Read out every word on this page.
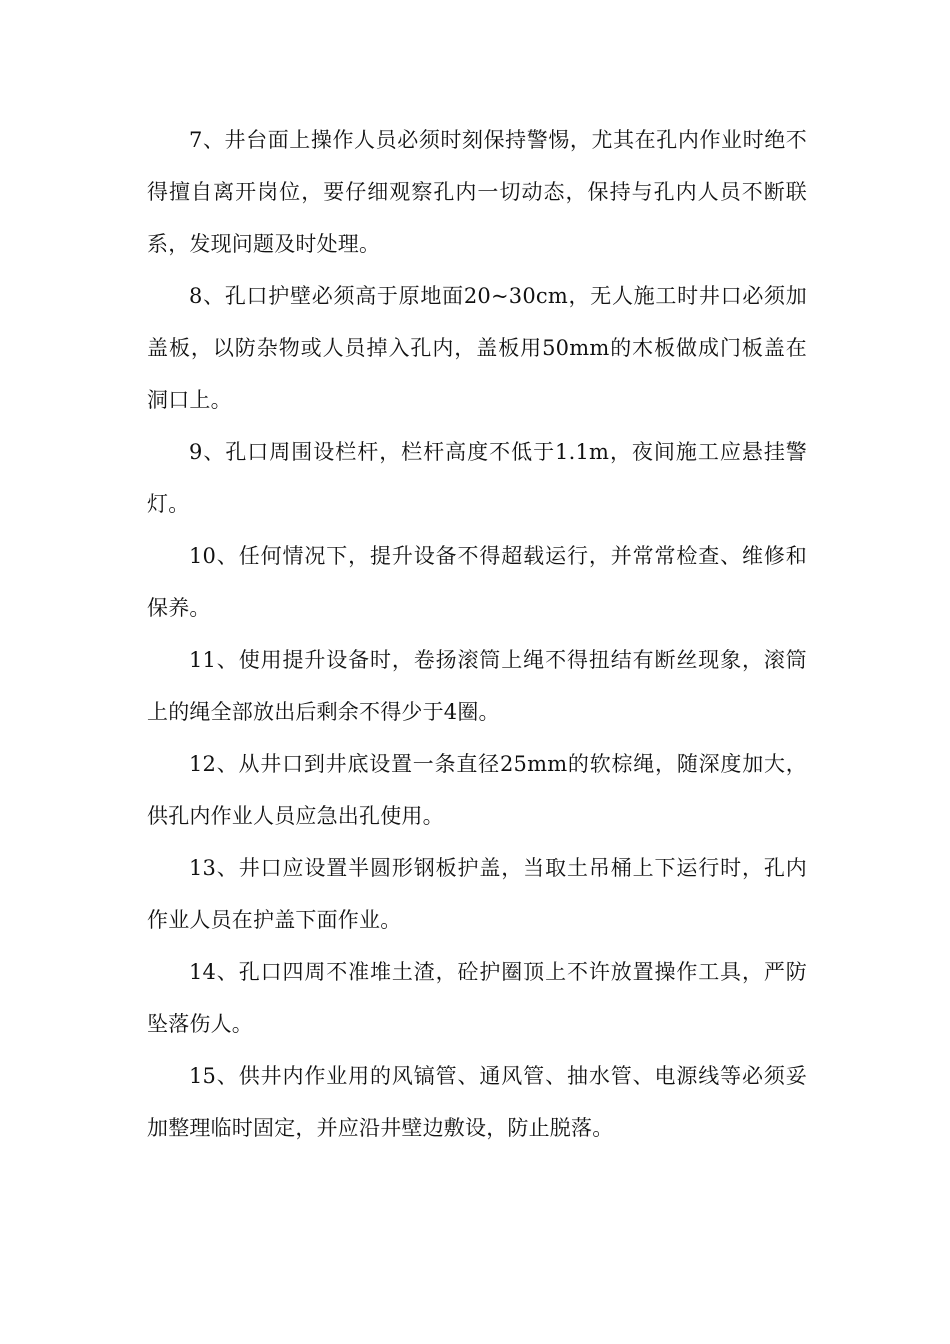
7、井台面上操作人员必须时刻保持警惕，尤其在孔内作业时绝不得擅自离开岗位，要仔细观察孔内一切动态，保持与孔内人员不断联系，发现问题及时处理。

8、孔口护壁必须高于原地面20~30cm，无人施工时井口必须加盖板，以防杂物或人员掉入孔内，盖板用50mm的木板做成门板盖在洞口上。

9、孔口周围设栏杆，栏杆高度不低于1.1m，夜间施工应悬挂警灯。

10、任何情况下，提升设备不得超载运行，并常常检查、维修和保养。

11、使用提升设备时，卷扬滚筒上绳不得扭结有断丝现象，滚筒上的绳全部放出后剩余不得少于4圈。

12、从井口到井底设置一条直径25mm的软棕绳，随深度加大，供孔内作业人员应急出孔使用。

13、井口应设置半圆形钢板护盖，当取土吊桶上下运行时，孔内作业人员在护盖下面作业。

14、孔口四周不准堆土渣，砼护圈顶上不许放置操作工具，严防坠落伤人。

15、供井内作业用的风镐管、通风管、抽水管、电源线等必须妥加整理临时固定，并应沿井壁边敷设，防止脱落。
